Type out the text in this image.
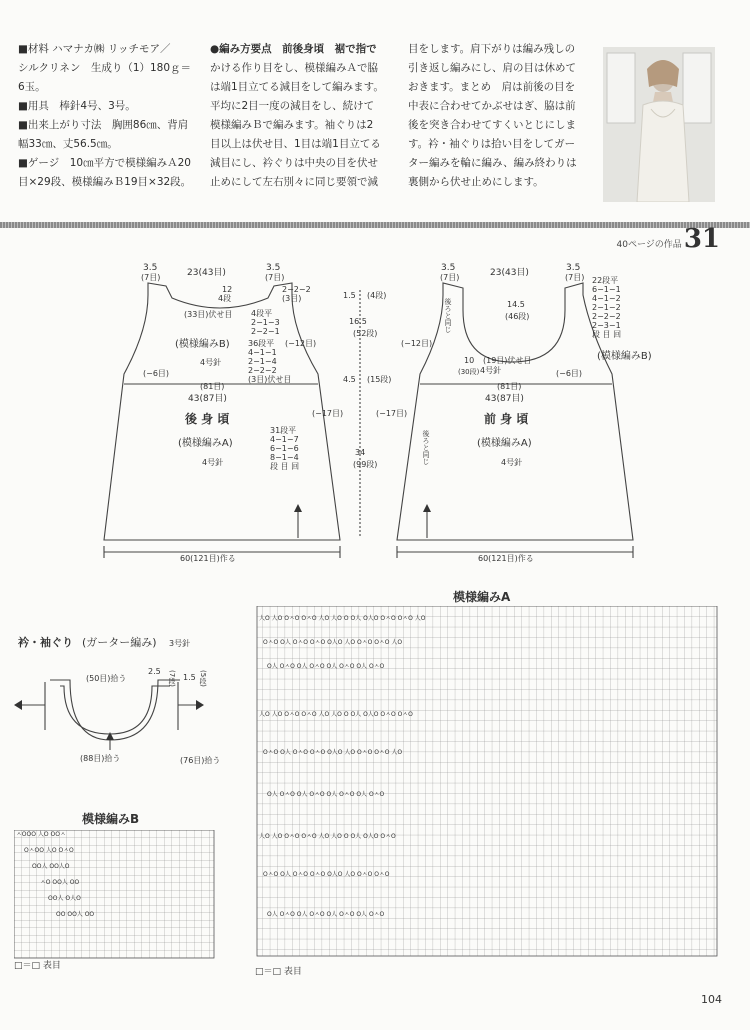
■材料 ハマナカ㈱ リッチモア／

シルクリネン　生成り（1）180ｇ＝

6玉。

■用具　棒針4号、3号。

■出来上がり寸法　胸囲86㎝、背肩

幅33㎝、丈56.5㎝。

■ゲージ　10㎝平方で模様編みＡ20

目×29段、模様編みＢ19目×32段。

●編み方要点　前後身頃　裾で指で

かける作り目をし、模様編みＡで脇

は端1目立てる減目をして編みます。

平均に2目一度の減目をし、続けて

模様編みＢで編みます。袖ぐりは2

目以上は伏せ目、1目は端1目立てる

減目にし、衿ぐりは中央の目を伏せ

止めにして左右別々に同じ要領で減

目をします。肩下がりは編み残しの

引き返し編みにし、肩の目は休めて

おきます。まとめ　肩は前後の目を

中表に合わせてかぶせはぎ、脇は前

後を突き合わせてすくいとじにしま

す。衿・袖ぐりは拾い目をしてガー

ター編みを輪に編み、編み終わりは

裏側から伏せ止めにします。

40ページの作品31
3.5
(7目)	23(43目)	3.5
(7目)
12
4段
(33目)伏せ目
2−2−2 (3目)
4段平 2−1−3 2−2−1
(模様編みB)
4号針
36段平 4−1−1 2−1−4 2−2−2 (3目)伏せ目
(−12目)
(−6目)
(81目)
43(87目)
(−17目)
後 身 頃
(模様編みA)
4号針
31段平 4−1−7 6−1−6 8−1−4 段 目 回
60(121目)作る
1.5 (4段)
16.5
(52段)
4.5 (15段)
34
(99段)
3.5
(7目)	23(43目)	3.5
(7目)
14.5
(46段)
22段平 6−1−1 4−1−2 2−1−2 2−2−2 2−3−1 段 目 回
(−12目)
(19目)伏せ目
10
(30段) 4号針
(模様編みB)
(−6目)
(81目)
43(87目)
(−17目)	前 身 頃
(模様編みA)
4号針
60(121目)作る
後ろと同じ
後ろと同じ
衿・袖ぐり (ガーター編み) 3号針
(50目)拾う
(88目)拾う	(76目)拾う
2.5 (7段) 1.5 (5段)
模様編みB
ㅅOOO 人O OOㅅ
OㅅOO 人O OㅅO
OO人 OO人O
ㅅO OO人 OO
OO人 O人O
OO OO人 OO
□＝□ 表目
模様編みA
人O 人O OㅅO OㅅO 人O 人O O O人 O人O OㅅO OㅅO 人O
OㅅO O人 OㅅO OㅅO O人O 人O OㅅO OㅅO 人O
O人 OㅅO O人 OㅅO O人 OㅅO O人 OㅅO
人O 人O OㅅO OㅅO 人O 人O O O人 O人O OㅅO OㅅO
OㅅO O人 OㅅO OㅅO O人O 人O OㅅO OㅅO 人O
O人 OㅅO O人 OㅅO O人 OㅅO O人 OㅅO
人O 人O OㅅO OㅅO 人O 人O O O人 O人O OㅅO
OㅅO O人 OㅅO OㅅO O人O 人O OㅅO OㅅO
O人 OㅅO O人 OㅅO O人 OㅅO O人 OㅅO
□＝□ 表目
104
